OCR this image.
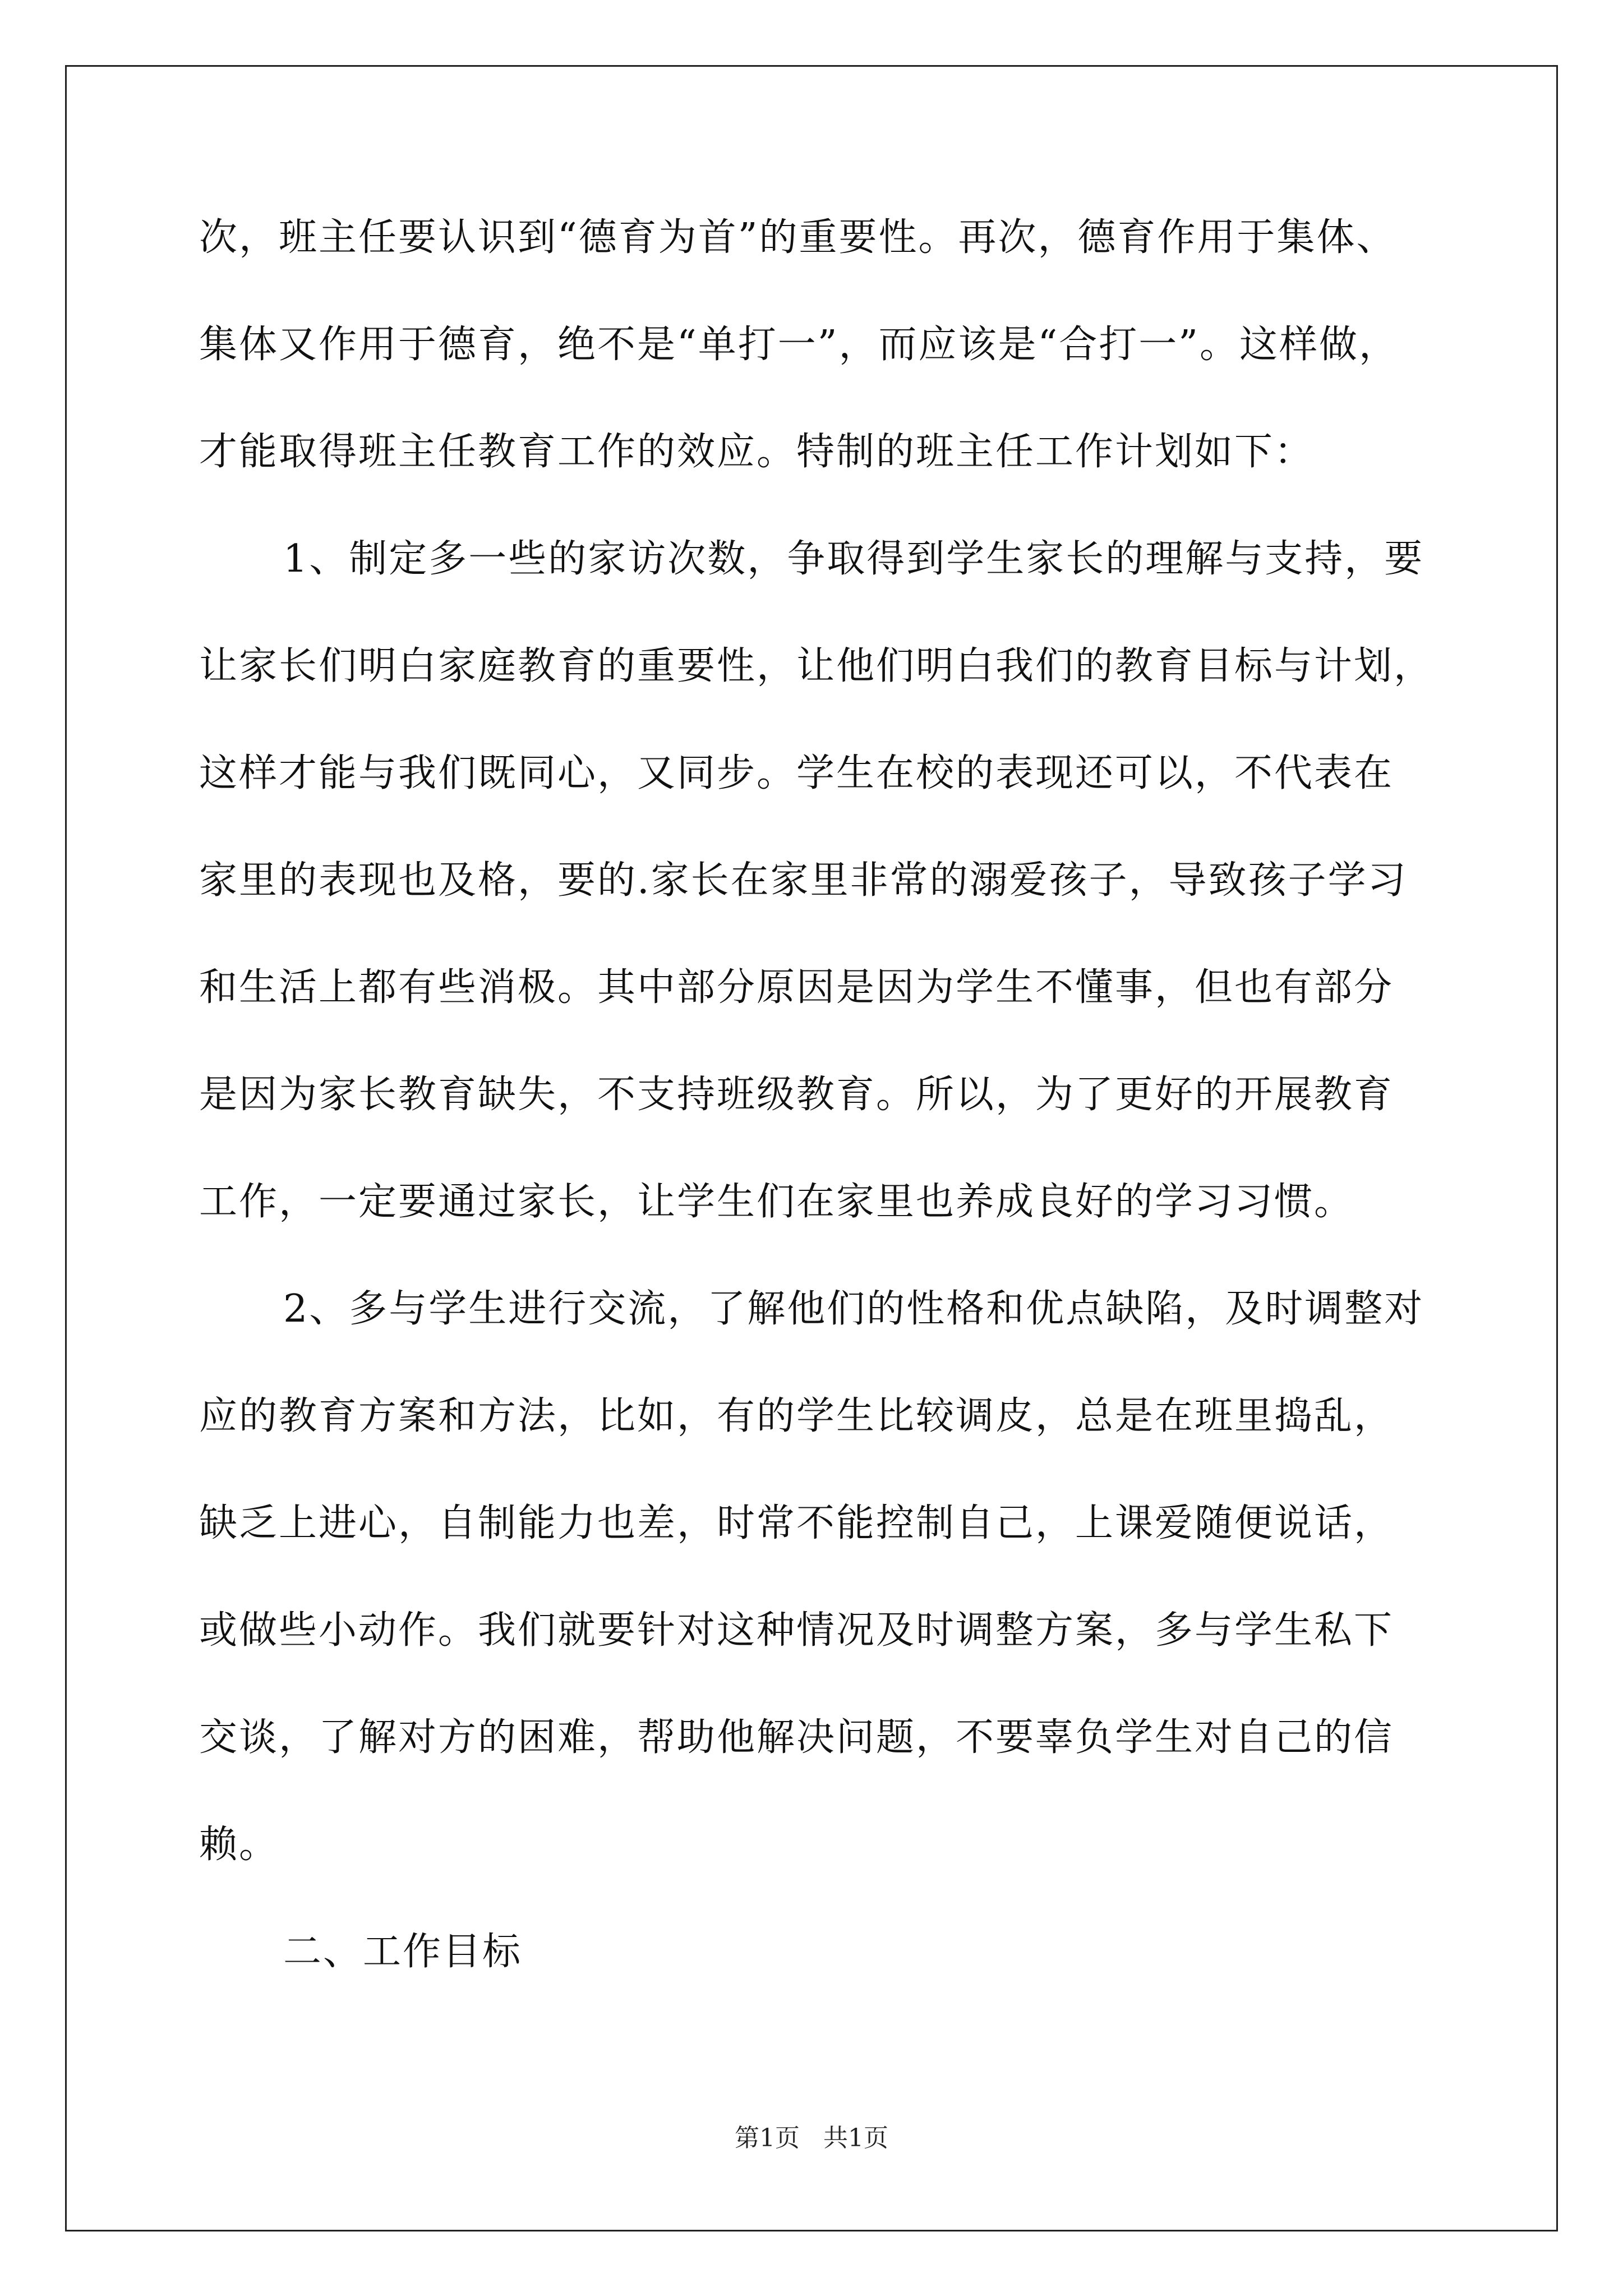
次，班主任要认识到“德育为首”的重要性。再次，德育作用于集体、
集体又作用于德育，绝不是“单打一”，而应该是“合打一”。这样做，
才能取得班主任教育工作的效应。特制的班主任工作计划如下：
1、制定多一些的家访次数，争取得到学生家长的理解与支持，要
让家长们明白家庭教育的重要性，让他们明白我们的教育目标与计划，
这样才能与我们既同心，又同步。学生在校的表现还可以，不代表在
家里的表现也及格，要的.家长在家里非常的溺爱孩子，导致孩子学习
和生活上都有些消极。其中部分原因是因为学生不懂事，但也有部分
是因为家长教育缺失，不支持班级教育。所以，为了更好的开展教育
工作，一定要通过家长，让学生们在家里也养成良好的学习习惯。
2、多与学生进行交流，了解他们的性格和优点缺陷，及时调整对
应的教育方案和方法，比如，有的学生比较调皮，总是在班里捣乱，
缺乏上进心，自制能力也差，时常不能控制自己，上课爱随便说话，
或做些小动作。我们就要针对这种情况及时调整方案，多与学生私下
交谈，了解对方的困难，帮助他解决问题，不要辜负学生对自己的信
赖。
二、工作目标
第1页 共1页
